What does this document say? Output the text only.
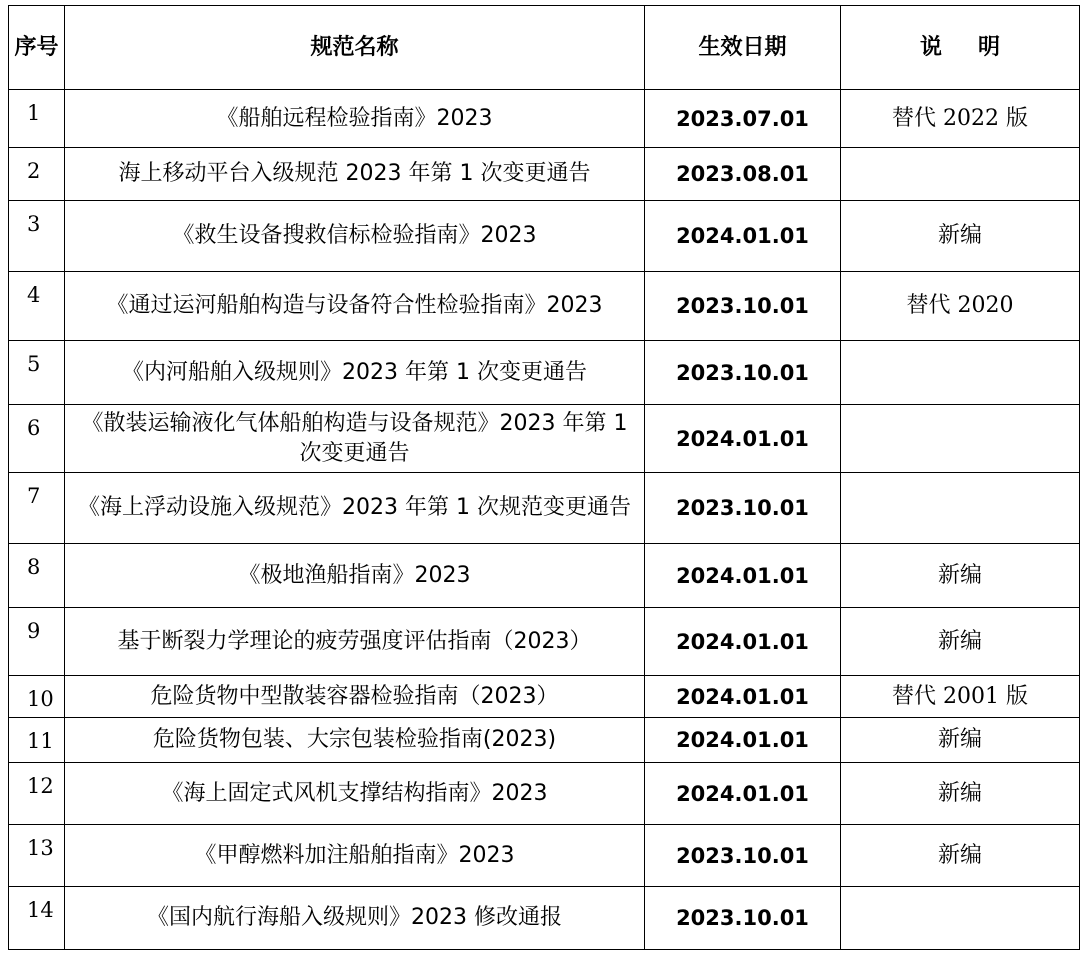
序号	规范名称	生效日期	说明
1	《船舶远程检验指南》2023	2023.07.01	替代 2022 版
2	海上移动平台入级规范 2023 年第 1 次变更通告	2023.08.01	
3	《救生设备搜救信标检验指南》2023	2024.01.01	新编
4	《通过运河船舶构造与设备符合性检验指南》2023	2023.10.01	替代 2020
5	《内河船舶入级规则》2023 年第 1 次变更通告	2023.10.01	
6	《散装运输液化气体船舶构造与设备规范》2023 年第 1 次变更通告	2024.01.01	
7	《海上浮动设施入级规范》2023 年第 1 次规范变更通告	2023.10.01	
8	《极地渔船指南》2023	2024.01.01	新编
9	基于断裂力学理论的疲劳强度评估指南（2023）	2024.01.01	新编
10	危险货物中型散装容器检验指南（2023）	2024.01.01	替代 2001 版
11	危险货物包装、大宗包装检验指南(2023)	2024.01.01	新编
12	《海上固定式风机支撑结构指南》2023	2024.01.01	新编
13	《甲醇燃料加注船舶指南》2023	2023.10.01	新编
14	《国内航行海船入级规则》2023 修改通报	2023.10.01	
